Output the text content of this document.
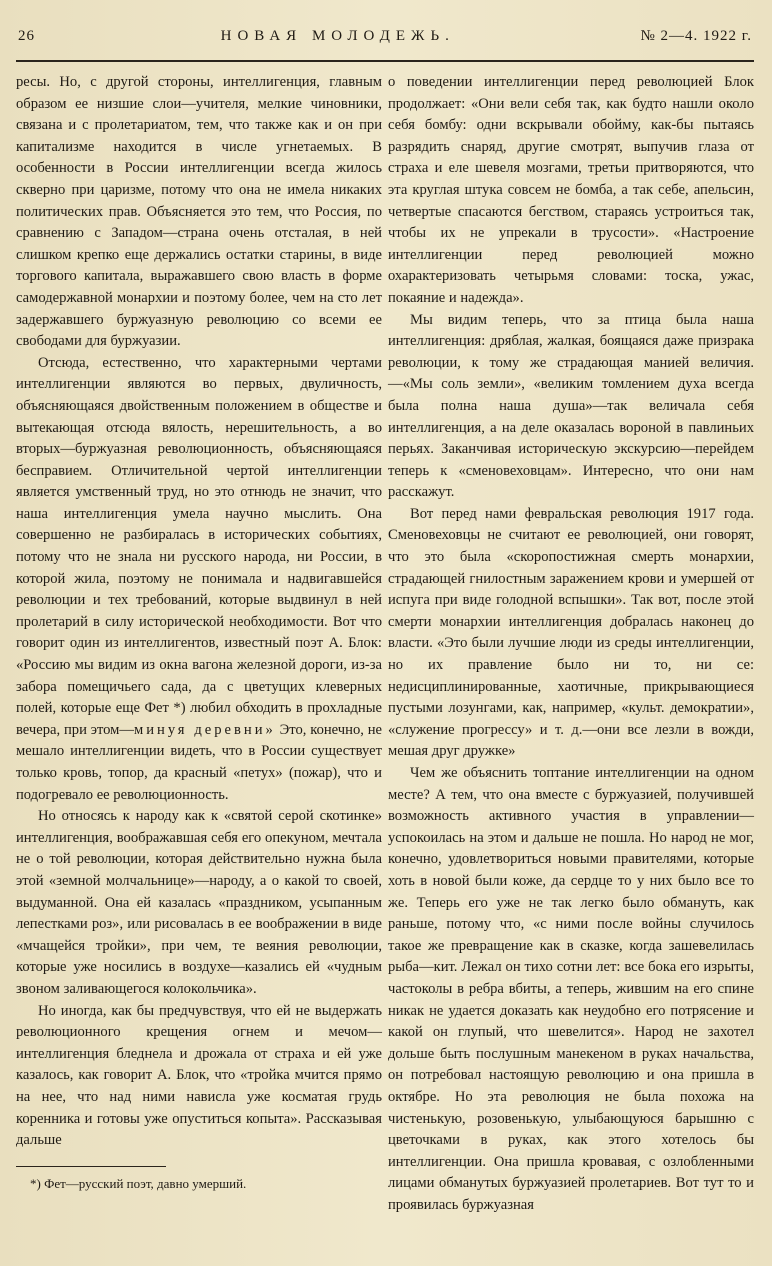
26	НОВАЯ МОЛОДЕЖЬ.	№ 2—4. 1922 г.

ресы. Но, с другой стороны, интеллигенция, главным образом ее низшие слои—учителя, мелкие чиновники, связана и с пролетариатом, тем, что также как и он при капитализме находится в числе угнетаемых. В особенности в России интеллигенции всегда жилось скверно при царизме, потому что она не имела никаких политических прав. Объясняется это тем, что Россия, по сравнению с Западом—страна очень отсталая, в ней слишком крепко еще держались остатки старины, в виде торгового капитала, выражавшего свою власть в форме самодержавной монархии и поэтому более, чем на сто лет задержавшего буржуазную революцию со всеми ее свободами для буржуазии.

Отсюда, естественно, что характерными чертами интеллигенции являются во первых, двуличность, объясняющаяся двойственным положением в обществе и вытекающая отсюда вялость, нерешительность, а во вторых—буржуазная революционность, объясняющаяся бесправием. Отличительной чертой интеллигенции является умственный труд, но это отнюдь не значит, что наша интеллигенция умела научно мыслить. Она совершенно не разбиралась в исторических событиях, потому что не знала ни русского народа, ни России, в которой жила, поэтому не понимала и надвигавшейся революции и тех требований, которые выдвинул в ней пролетарий в силу исторической необходимости. Вот что говорит один из интеллигентов, известный поэт А. Блок: «Россию мы видим из окна вагона железной дороги, из-за забора помещичьего сада, да с цветущих клеверных полей, которые еще Фет *) любил обходить в прохладные вечера, при этом—минуя деревни» Это, конечно, не мешало интеллигенции видеть, что в России существует только кровь, топор, да красный «петух» (пожар), что и подогревало ее революционность.

Но относясь к народу как к «святой серой скотинке» интеллигенция, воображавшая себя его опекуном, мечтала не о той революции, которая действительно нужна была этой «земной молчальнице»—народу, а о какой то своей, выдуманной. Она ей казалась «праздником, усыпанным лепестками роз», или рисовалась в ее воображении в виде «мчащейся тройки», при чем, те веяния революции, которые уже носились в воздухе—казались ей «чудным звоном заливающегося колокольчика».

Но иногда, как бы предчувствуя, что ей не выдержать революционного крещения огнем и мечом—интеллигенция бледнела и дрожала от страха и ей уже казалось, как говорит А. Блок, что «тройка мчится прямо на нее, что над ними нависла уже косматая грудь коренника и готовы уже опуститься копыта». Рассказывая дальше

*) Фет—русский поэт, давно умерший.

о поведении интеллигенции перед революцией Блок продолжает: «Они вели себя так, как будто нашли около себя бомбу: одни вскрывали обойму, как-бы пытаясь разрядить снаряд, другие смотрят, выпучив глаза от страха и еле шевеля мозгами, третьи притворяются, что эта круглая штука совсем не бомба, а так себе, апельсин, четвертые спасаются бегством, стараясь устроиться так, чтобы их не упрекали в трусости». «Настроение интеллигенции перед революцией можно охарактеризовать четырьмя словами: тоска, ужас, покаяние и надежда».

Мы видим теперь, что за птица была наша интеллигенция: дряблая, жалкая, боящаяся даже призрака революции, к тому же страдающая манией величия.—«Мы соль земли», «великим томлением духа всегда была полна наша душа»—так величала себя интеллигенция, а на деле оказалась вороной в павлиньих перьях. Заканчивая историческую экскурсию—перейдем теперь к «сменовеховцам». Интересно, что они нам расскажут.

Вот перед нами февральская революция 1917 года. Сменовеховцы не считают ее революцией, они говорят, что это была «скоропостижная смерть монархии, страдающей гнилостным заражением крови и умершей от испуга при виде голодной вспышки». Так вот, после этой смерти монархии интеллигенция добралась наконец до власти. «Это были лучшие люди из среды интеллигенции, но их правление было ни то, ни се: недисциплинированные, хаотичные, прикрывающиеся пустыми лозунгами, как, например, «культ. демократии», «служение прогрессу» и т. д.—они все лезли в вожди, мешая друг дружке»

Чем же объяснить топтание интеллигенции на одном месте? А тем, что она вместе с буржуазией, получившей возможность активного участия в управлении—успокоилась на этом и дальше не пошла. Но народ не мог, конечно, удовлетвориться новыми правителями, которые хоть в новой были коже, да сердце то у них было все то же. Теперь его уже не так легко было обмануть, как раньше, потому что, «с ними после войны случилось такое же превращение как в сказке, когда зашевелилась рыба—кит. Лежал он тихо сотни лет: все бока его изрыты, частоколы в ребра вбиты, а теперь, жившим на его спине никак не удается доказать как неудобно его потрясение и какой он глупый, что шевелится». Народ не захотел дольше быть послушным манекеном в руках начальства, он потребовал настоящую революцию и она пришла в октябре. Но эта революция не была похожа на чистенькую, розовенькую, улыбающуюся барышню с цветочками в руках, как этого хотелось бы интеллигенции. Она пришла кровавая, с озлобленными лицами обманутых буржуазией пролетариев. Вот тут то и проявилась буржуазная
